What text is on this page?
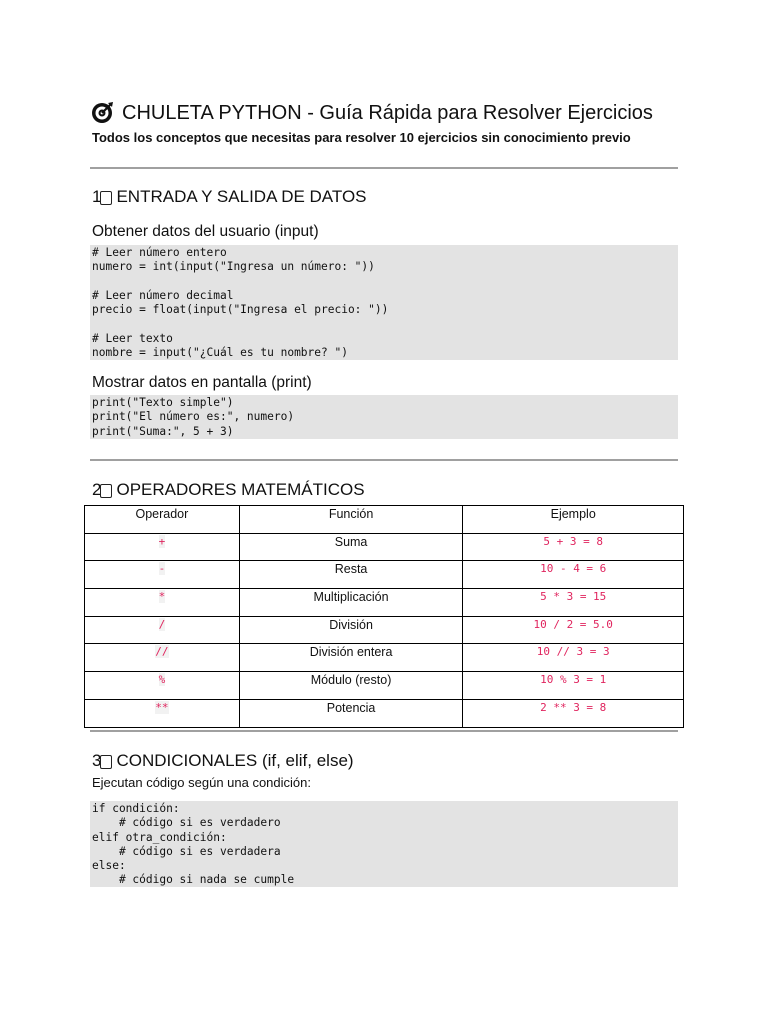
CHULETA PYTHON - Guía Rápida para Resolver Ejercicios
Todos los conceptos que necesitas para resolver 10 ejercicios sin conocimiento previo
1 ENTRADA Y SALIDA DE DATOS
Obtener datos del usuario (input)
# Leer número entero
numero = int(input("Ingresa un número: "))
# Leer número decimal
precio = float(input("Ingresa el precio: "))
# Leer texto
nombre = input("¿Cuál es tu nombre? ")
Mostrar datos en pantalla (print)
print("Texto simple")
print("El número es:", numero)
print("Suma:", 5 + 3)
2 OPERADORES MATEMÁTICOS
Operador	Función	Ejemplo
+	Suma	5 + 3 = 8
-	Resta	10 - 4 = 6
*	Multiplicación	5 * 3 = 15
/	División	10 / 2 = 5.0
//	División entera	10 // 3 = 3
%	Módulo (resto)	10 % 3 = 1
**	Potencia	2 ** 3 = 8
3 CONDICIONALES (if, elif, else)
Ejecutan código según una condición:
if condición:
# código si es verdadero
elif otra_condición:
# código si es verdadera
else:
# código si nada se cumple
